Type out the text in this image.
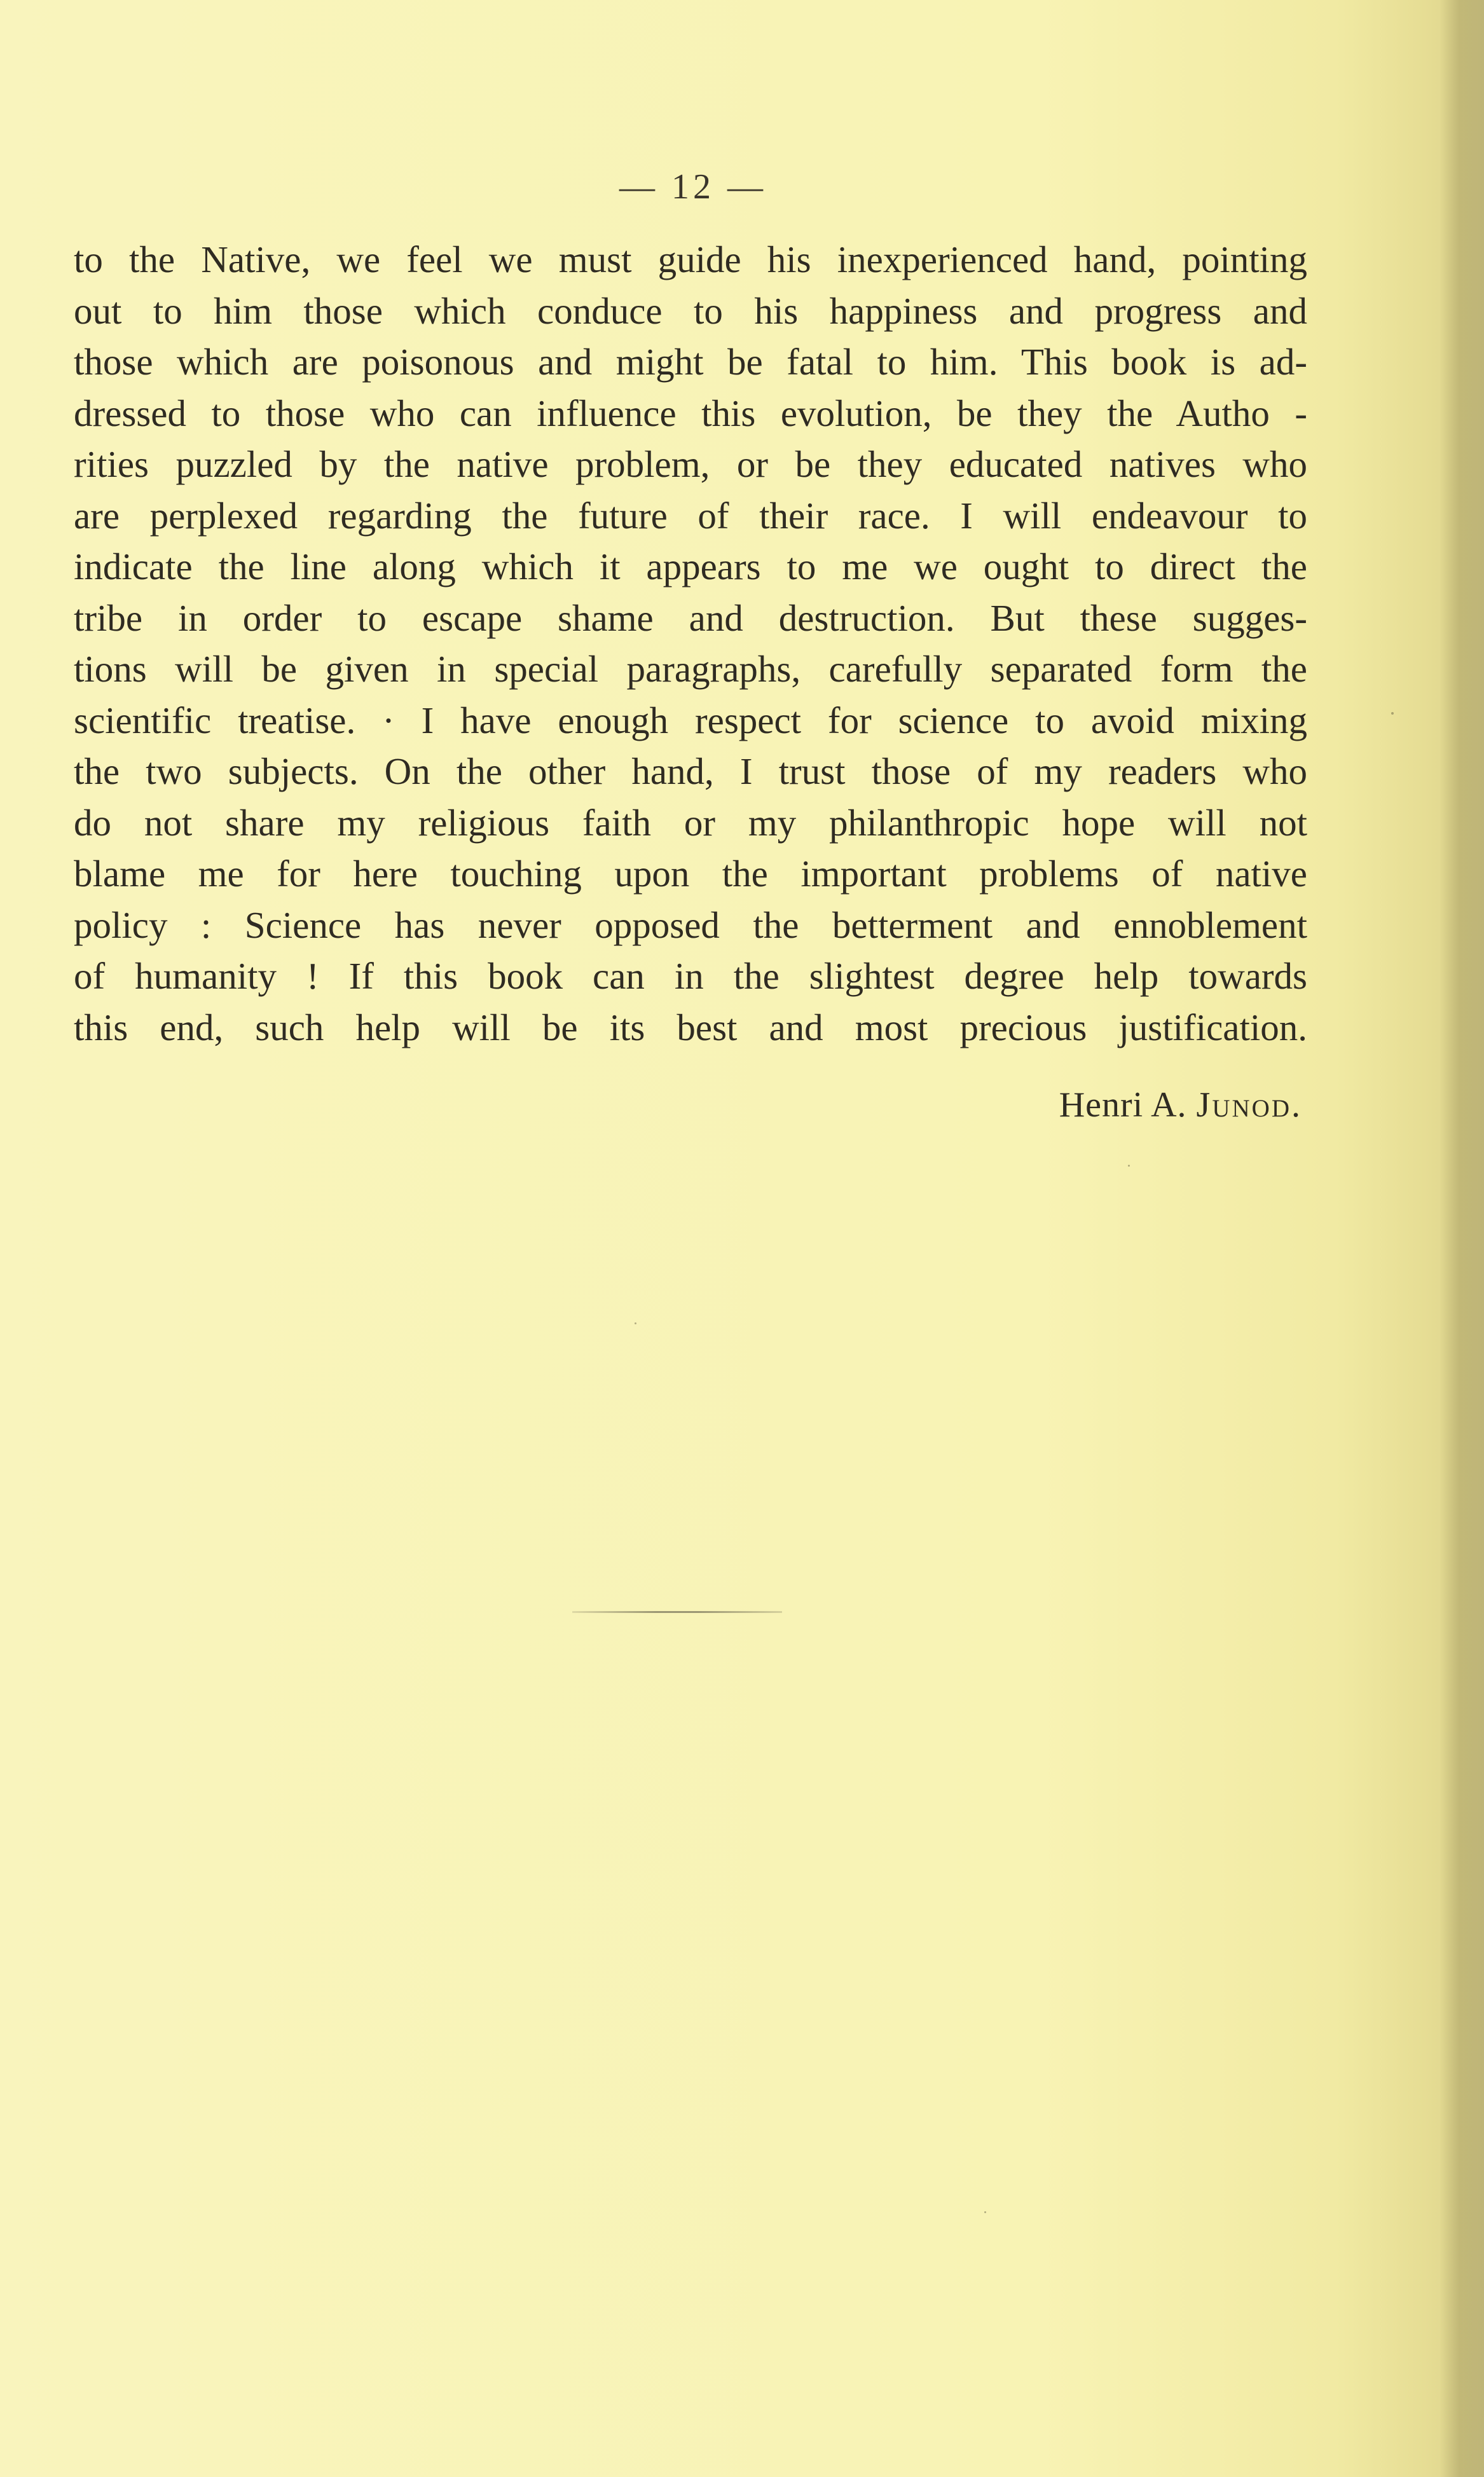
— 12 —
to the Native, we feel we must guide his inexperienced hand, pointing
out to him those which conduce to his happiness and progress and
those which are poisonous and might be fatal to him. This book is ad-
dressed to those who can influence this evolution, be they the Autho -
rities puzzled by the native problem, or be they educated natives who
are perplexed regarding the future of their race. I will endeavour to
indicate the line along which it appears to me we ought to direct the
tribe in order to escape shame and destruction. But these sugges-
tions will be given in special paragraphs, carefully separated form the
scientific treatise. · I have enough respect for science to avoid mixing
the two subjects. On the other hand, I trust those of my readers who
do not share my religious faith or my philanthropic hope will not
blame me for here touching upon the important problems of native
policy : Science has never opposed the betterment and ennoblement
of humanity ! If this book can in the slightest degree help towards
this end, such help will be its best and most precious justification.
Henri A. Junod.
